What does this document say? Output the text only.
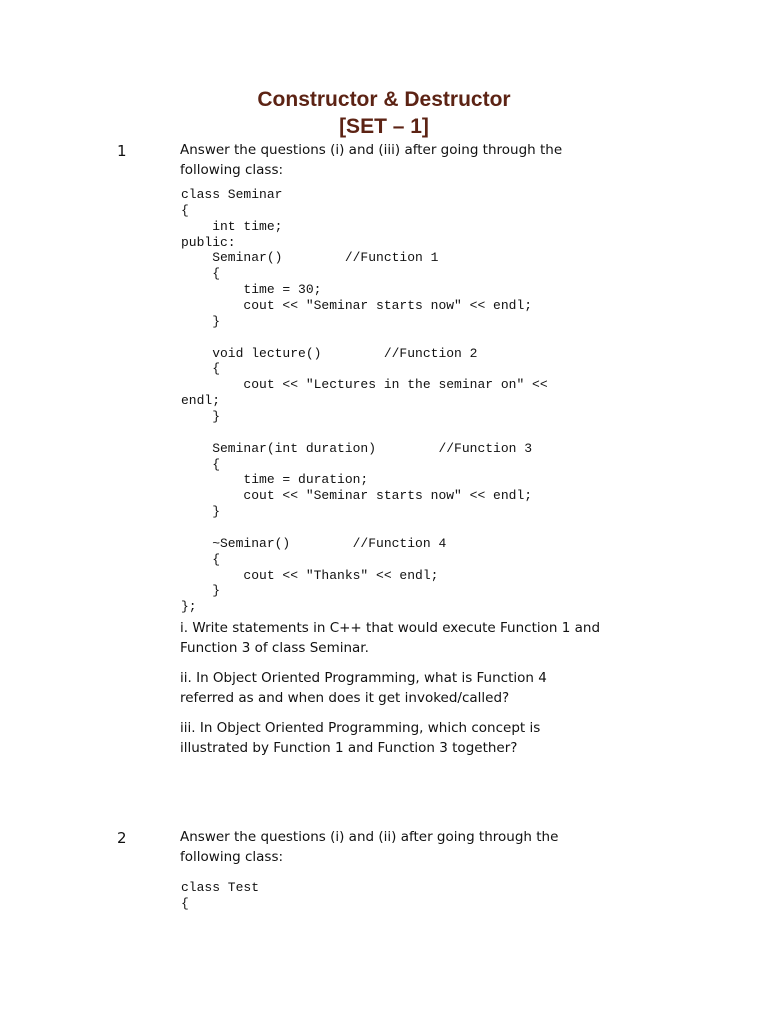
Constructor & Destructor
[SET – 1]
1	Answer the questions (i) and (iii) after going through the
following class:
class Seminar
{
int time;
public:
Seminar()        //Function 1
{
time = 30;
cout << "Seminar starts now" << endl;
}
void lecture()        //Function 2
{
cout << "Lectures in the seminar on" <<
endl;
}
Seminar(int duration)        //Function 3
{
time = duration;
cout << "Seminar starts now" << endl;
}
~Seminar()        //Function 4
{
cout << "Thanks" << endl;
}
};
i. Write statements in C++ that would execute Function 1 and
Function 3 of class Seminar.
ii. In Object Oriented Programming, what is Function 4
referred as and when does it get invoked/called?
iii. In Object Oriented Programming, which concept is
illustrated by Function 1 and Function 3 together?
2	Answer the questions (i) and (ii) after going through the
following class:
class Test
{
